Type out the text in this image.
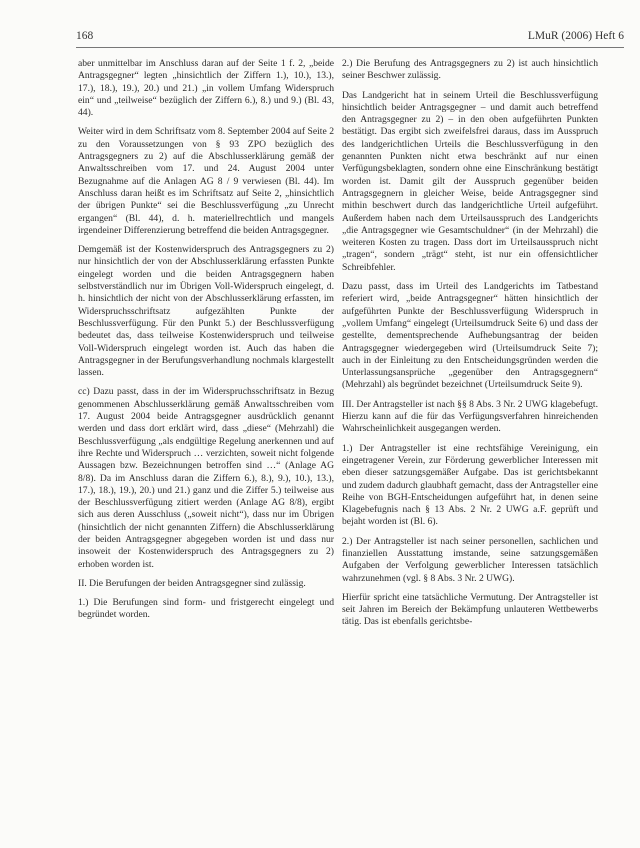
168	LMuR (2006) Heft 6

aber unmittelbar im Anschluss daran auf der Seite 1 f. 2, „beide Antragsgegner“ legten „hinsichtlich der Ziffern 1.), 10.), 13.), 17.), 18.), 19.), 20.) und 21.) „in vollem Umfang Widerspruch ein“ und „teilweise“ bezüglich der Ziffern 6.), 8.) und 9.) (Bl. 43, 44).

Weiter wird in dem Schriftsatz vom 8. September 2004 auf Seite 2 zu den Voraussetzungen von § 93 ZPO bezüglich des Antragsgegners zu 2) auf die Abschlusserklärung gemäß der Anwaltsschreiben vom 17. und 24. August 2004 unter Bezugnahme auf die Anlagen AG 8 / 9 verwiesen (Bl. 44). Im Anschluss daran heißt es im Schriftsatz auf Seite 2, „hinsichtlich der übrigen Punkte“ sei die Beschlussverfügung „zu Unrecht ergangen“ (Bl. 44), d. h. materiellrechtlich und mangels irgendeiner Differenzierung betreffend die beiden Antragsgegner.

Demgemäß ist der Kostenwiderspruch des Antragsgegners zu 2) nur hinsichtlich der von der Abschlusserklärung erfassten Punkte eingelegt worden und die beiden Antragsgegnern haben selbstverständlich nur im Übrigen Voll-Widerspruch eingelegt, d. h. hinsichtlich der nicht von der Abschlusserklärung erfassten, im Widerspruchsschriftsatz aufgezählten Punkte der Beschlussverfügung. Für den Punkt 5.) der Beschlussverfügung bedeutet das, dass teilweise Kostenwiderspruch und teilweise Voll-Widerspruch eingelegt worden ist. Auch das haben die Antragsgegner in der Berufungsverhandlung nochmals klargestellt lassen.

cc) Dazu passt, dass in der im Widerspruchsschriftsatz in Bezug genommenen Abschlusserklärung gemäß Anwaltsschreiben vom 17. August 2004 beide Antragsgegner ausdrücklich genannt werden und dass dort erklärt wird, dass „diese“ (Mehrzahl) die Beschlussverfügung „als endgültige Regelung anerkennen und auf ihre Rechte und Widerspruch … verzichten, soweit nicht folgende Aussagen bzw. Bezeichnungen betroffen sind …“ (Anlage AG 8/8). Da im Anschluss daran die Ziffern 6.), 8.), 9.), 10.), 13.), 17.), 18.), 19.), 20.) und 21.) ganz und die Ziffer 5.) teilweise aus der Beschlussverfügung zitiert werden (Anlage AG 8/8), ergibt sich aus deren Ausschluss („soweit nicht“), dass nur im Übrigen (hinsichtlich der nicht genannten Ziffern) die Abschlusserklärung der beiden Antragsgegner abgegeben worden ist und dass nur insoweit der Kostenwiderspruch des Antragsgegners zu 2) erhoben worden ist.

II. Die Berufungen der beiden Antragsgegner sind zulässig.

1.) Die Berufungen sind form- und fristgerecht eingelegt und begründet worden.

2.) Die Berufung des Antragsgegners zu 2) ist auch hinsichtlich seiner Beschwer zulässig.

Das Landgericht hat in seinem Urteil die Beschlussverfügung hinsichtlich beider Antragsgegner – und damit auch betreffend den Antragsgegner zu 2) – in den oben aufgeführten Punkten bestätigt. Das ergibt sich zweifelsfrei daraus, dass im Ausspruch des landgerichtlichen Urteils die Beschlussverfügung in den genannten Punkten nicht etwa beschränkt auf nur einen Verfügungsbeklagten, sondern ohne eine Einschränkung bestätigt worden ist. Damit gilt der Ausspruch gegenüber beiden Antragsgegnern in gleicher Weise, beide Antragsgegner sind mithin beschwert durch das landgerichtliche Urteil aufgeführt. Außerdem haben nach dem Urteilsausspruch des Landgerichts „die Antragsgegner wie Gesamtschuldner“ (in der Mehrzahl) die weiteren Kosten zu tragen. Dass dort im Urteilsausspruch nicht „tragen“, sondern „trägt“ steht, ist nur ein offensichtlicher Schreibfehler.

Dazu passt, dass im Urteil des Landgerichts im Tatbestand referiert wird, „beide Antragsgegner“ hätten hinsichtlich der aufgeführten Punkte der Beschlussverfügung Widerspruch in „vollem Umfang“ eingelegt (Urteilsumdruck Seite 6) und dass der gestellte, dementsprechende Aufhebungsantrag der beiden Antragsgegner wiedergegeben wird (Urteilsumdruck Seite 7); auch in der Einleitung zu den Entscheidungsgründen werden die Unterlassungsansprüche „gegenüber den Antragsgegnern“ (Mehrzahl) als begründet bezeichnet (Urteilsumdruck Seite 9).

III. Der Antragsteller ist nach §§ 8 Abs. 3 Nr. 2 UWG klagebefugt. Hierzu kann auf die für das Verfügungsverfahren hinreichenden Wahrscheinlichkeit ausgegangen werden.

1.) Der Antragsteller ist eine rechtsfähige Vereinigung, ein eingetragener Verein, zur Förderung gewerblicher Interessen mit eben dieser satzungsgemäßer Aufgabe. Das ist gerichtsbekannt und zudem dadurch glaubhaft gemacht, dass der Antragsteller eine Reihe von BGH-Entscheidungen aufgeführt hat, in denen seine Klagebefugnis nach § 13 Abs. 2 Nr. 2 UWG a.F. geprüft und bejaht worden ist (Bl. 6).

2.) Der Antragsteller ist nach seiner personellen, sachlichen und finanziellen Ausstattung imstande, seine satzungsgemäßen Aufgaben der Verfolgung gewerblicher Interessen tatsächlich wahrzunehmen (vgl. § 8 Abs. 3 Nr. 2 UWG).

Hierfür spricht eine tatsächliche Vermutung. Der Antragsteller ist seit Jahren im Bereich der Bekämpfung unlauteren Wettbewerbs tätig. Das ist ebenfalls gerichtsbe-
